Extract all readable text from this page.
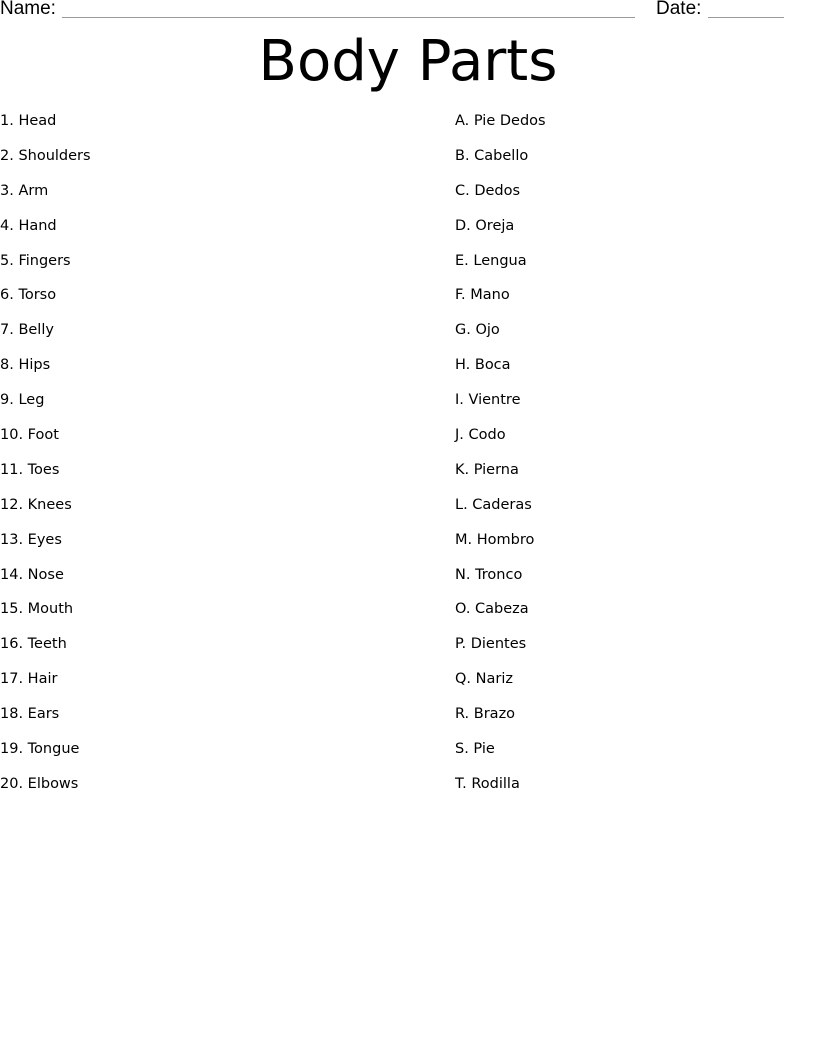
Name:	Date:
Body Parts
1. Head
2. Shoulders
3. Arm
4. Hand
5. Fingers
6. Torso
7. Belly
8. Hips
9. Leg
10. Foot
11. Toes
12. Knees
13. Eyes
14. Nose
15. Mouth
16. Teeth
17. Hair
18. Ears
19. Tongue
20. Elbows
A. Pie Dedos
B. Cabello
C. Dedos
D. Oreja
E. Lengua
F. Mano
G. Ojo
H. Boca
I. Vientre
J. Codo
K. Pierna
L. Caderas
M. Hombro
N. Tronco
O. Cabeza
P. Dientes
Q. Nariz
R. Brazo
S. Pie
T. Rodilla
